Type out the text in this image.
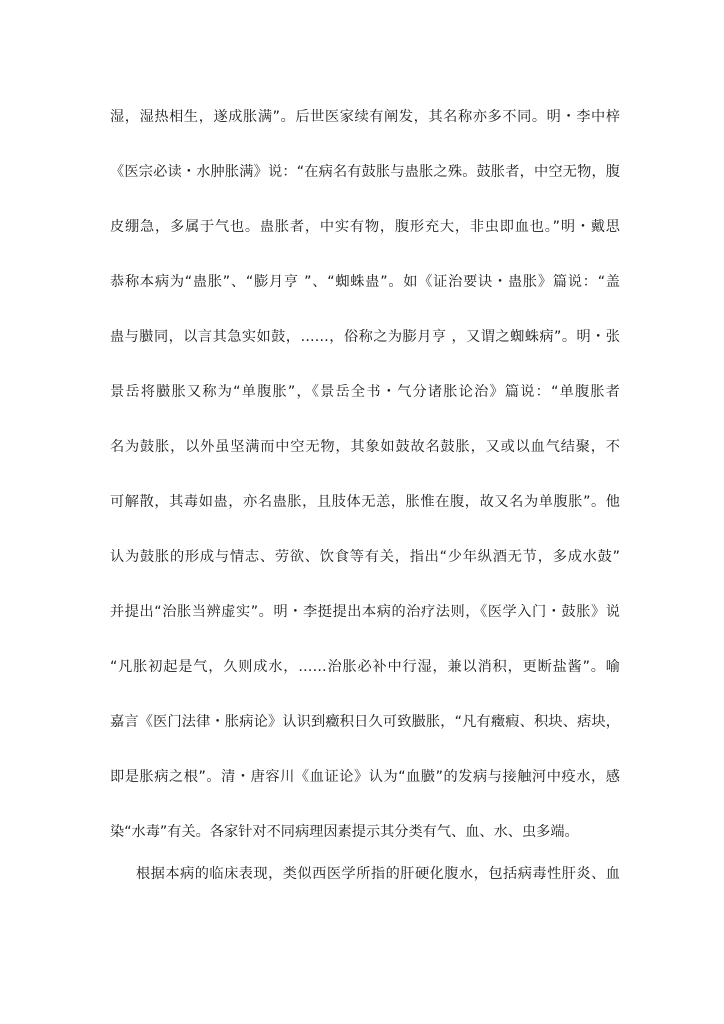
湿，湿热相生，遂成胀满”。后世医家续有阐发，其名称亦多不同。明・李中梓
《医宗必读・水肿胀满》说：“在病名有鼓胀与蛊胀之殊。鼓胀者，中空无物，腹
皮绷急，多属于气也。蛊胀者，中实有物，腹形充大，非虫即血也。”明・戴思
恭称本病为“蛊胀”、“膨月亨 ”、“蜘蛛蛊”。如《证治要诀・蛊胀》篇说：“盖
蛊与臌同，以言其急实如鼓，……，俗称之为膨月亨 ，又谓之蜘蛛病”。明・张
景岳将臌胀又称为“单腹胀”，《景岳全书・气分诸胀论治》篇说：“单腹胀者
名为鼓胀，以外虽坚满而中空无物，其象如鼓故名鼓胀，又或以血气结聚，不
可解散，其毒如蛊，亦名蛊胀，且肢体无恙，胀惟在腹，故又名为单腹胀”。他
认为鼓胀的形成与情志、劳欲、饮食等有关，指出“少年纵酒无节，多成水鼓”
并提出“治胀当辨虚实”。明・李挺提出本病的治疗法则，《医学入门・鼓胀》说
“凡胀初起是气，久则成水，……治胀必补中行湿，兼以消积，更断盐酱”。喻
嘉言《医门法律・胀病论》认识到癥积日久可致臌胀，“凡有癥瘕、积块、痞块，
即是胀病之根”。清・唐容川《血证论》认为“血臌”的发病与接触河中疫水，感
染“水毒”有关。各家针对不同病理因素提示其分类有气、血、水、虫多端。
根据本病的临床表现，类似西医学所指的肝硬化腹水，包括病毒性肝炎、血
